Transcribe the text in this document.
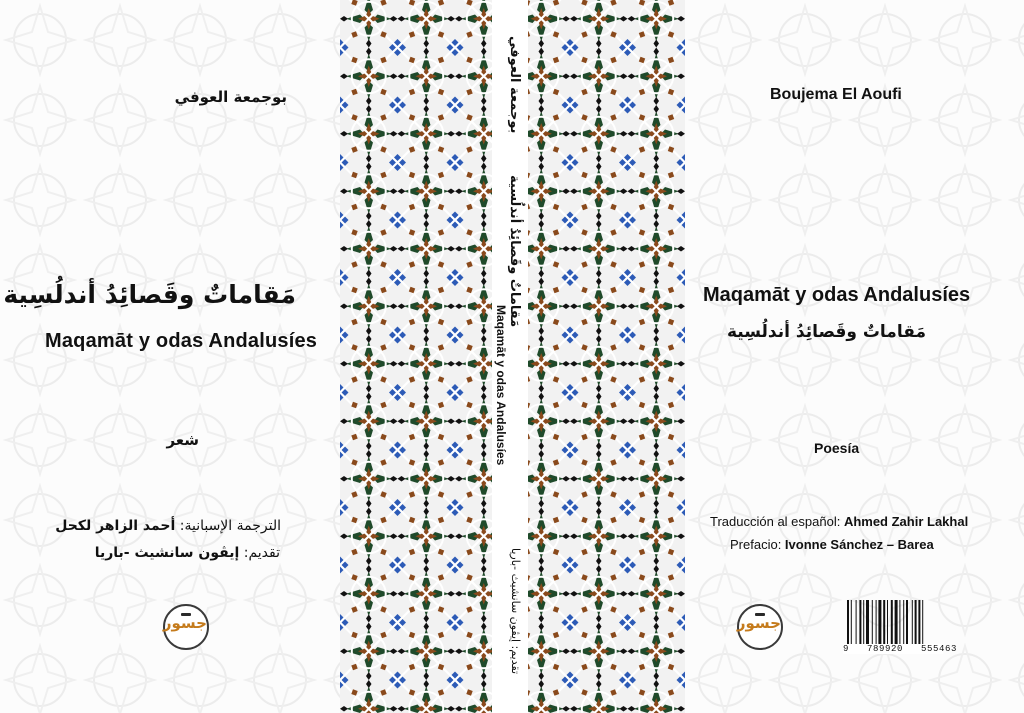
بوجمعة العوفي
مَقاماتٌ وقَصائِدُ أندلُسِية
Maqamāt y odas Andalusíes
شعر
الترجمة الإسبانية: أحمد الزاهر لكحل
تقديم: إيڤون سانشيث -باريا
جسور
بوجمعة العوفي
مَقاماتٌ وقَصائِدُ أندلُسية
Maqamāt y odas Andalusíes
تقديم: إيڤون سانشيث -باريا
Boujema El Aoufi
Maqamāt y odas Andalusíes
مَقاماتٌ وقَصائِدُ أندلُسِية
Poesía
Traducción al español: Ahmed Zahir Lakhal
Prefacio: Ivonne Sánchez – Barea
جسور
9   789920   555463
